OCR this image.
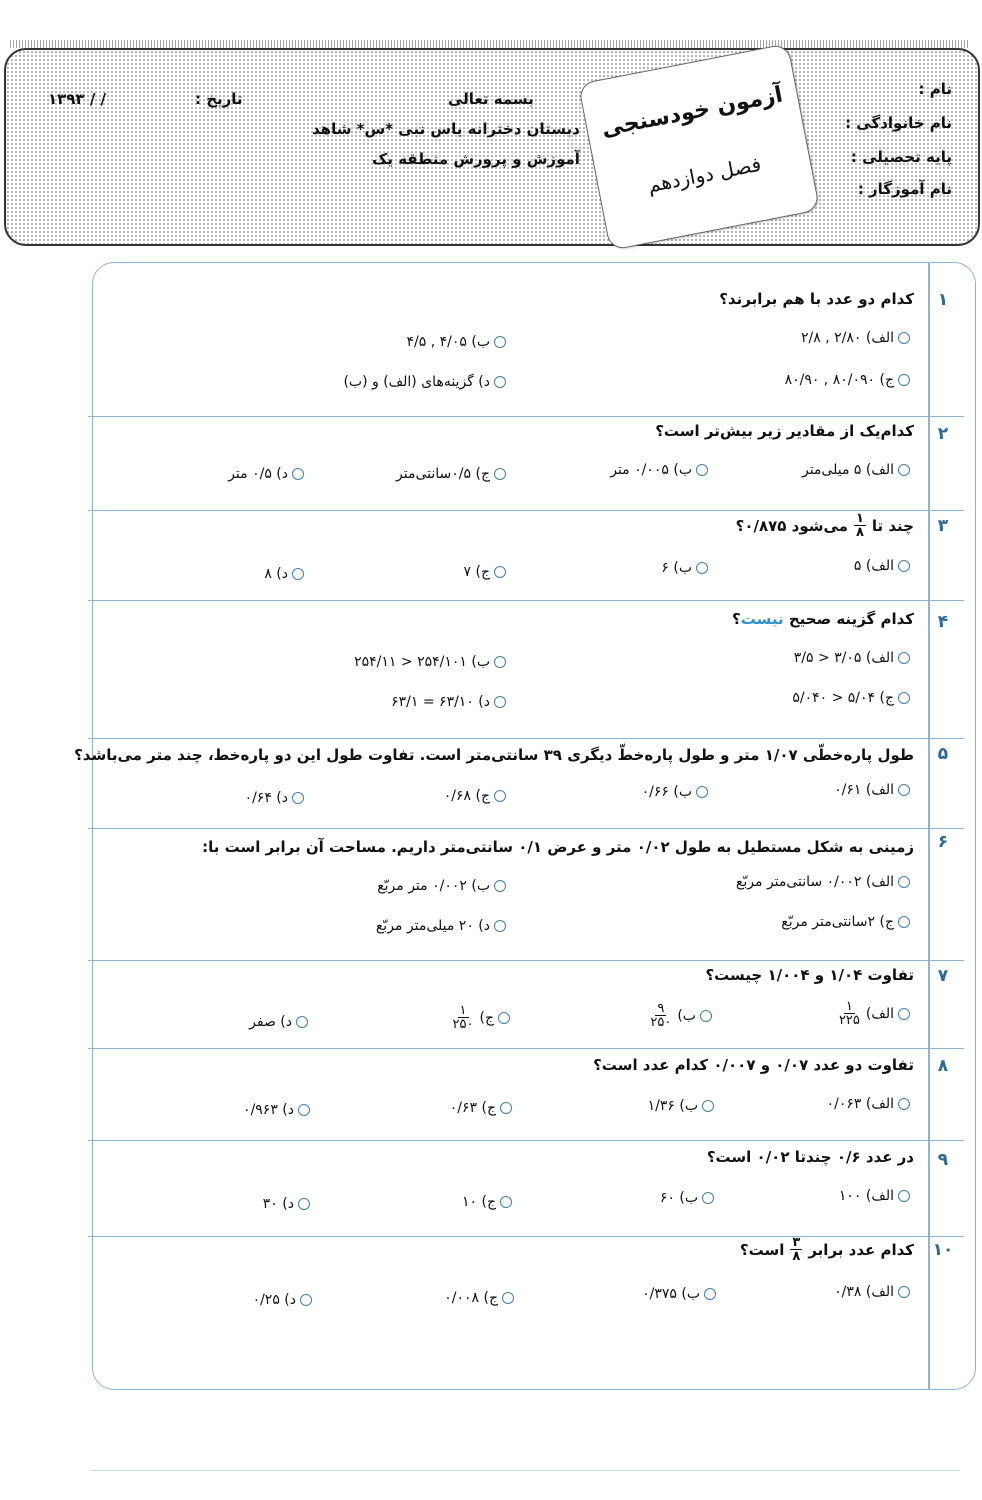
نام :
نام خانوادگی :
پایه تحصیلی :
نام آموزگار :
آزمون خودسنجی
فصل دوازدهم
بسمه تعالی
دبستان دخترانه یاس نبی *س* شاهد
آموزش و پرورش منطقه یک
تاریخ :
/ / ۱۳۹۳
۱
کدام دو عدد با هم برابرند؟
الف) ۲/۸۰ , ۲/۸
ب) ۴/۰۵ , ۴/۵
ج) ۸۰/۰۹۰ , ۸۰/۹۰
د) گزینه‌های (الف) و (ب)
۲
کدام‌یک از مقادیر زیر بیش‌تر است؟
الف) ۵ میلی‌متر
ب) ۰/۰۰۵ متر
ج) ۰/۵سانتی‌متر
د) ۰/۵ متر
۳
چند تا
$\frac{۱}{۸}$
می‌شود ۰/۸۷۵؟
الف) ۵
ب) ۶
ج) ۷
د) ۸
۴
کدام گزینه صحیح نیست؟
الف) ۳/۰۵ < ۳/۵
ب) ۲۵۴/۱۰۱ < ۲۵۴/۱۱
ج) ۵/۰۴ < ۵/۰۴۰
د) ۶۳/۱۰ = ۶۳/۱
۵
طول پاره‌خطّی ۱/۰۷ متر و طول پاره‌خطّ دیگری ۳۹ سانتی‌متر است. تفاوت طول این دو پاره‌خط، چند متر می‌باشد؟
الف) ۰/۶۱
ب) ۰/۶۶
ج) ۰/۶۸
د) ۰/۶۴
۶
زمینی به شکل مستطیل به طول ۰/۰۲ متر و عرض ۰/۱ سانتی‌متر داریم. مساحت آن برابر است با:
الف) ۰/۰۰۲ سانتی‌متر مربّع
ب) ۰/۰۰۲ متر مربّع
ج) ۲سانتی‌متر مربّع
د) ۲۰ میلی‌متر مربّع
۷
تفاوت ۱/۰۴ و ۱/۰۰۴ چیست؟
الف)
$\frac{۱}{۲۲۵}$
ب)
$\frac{۹}{۲۵۰}$
ج)
$\frac{۱}{۲۵۰}$
د) صفر
۸
تفاوت دو عدد ۰/۰۷ و ۰/۰۰۷ کدام عدد است؟
الف) ۰/۰۶۳
ب) ۱/۳۶
ج) ۰/۶۳
د) ۰/۹۶۳
۹
در عدد ۰/۶ چندتا ۰/۰۲ است؟
الف) ۱۰۰
ب) ۶۰
ج) ۱۰
د) ۳۰
۱۰
کدام عدد برابر
$\frac{۳}{۸}$
است؟
الف) ۰/۳۸
ب) ۰/۳۷۵
ج) ۰/۰۰۸
د) ۰/۲۵
